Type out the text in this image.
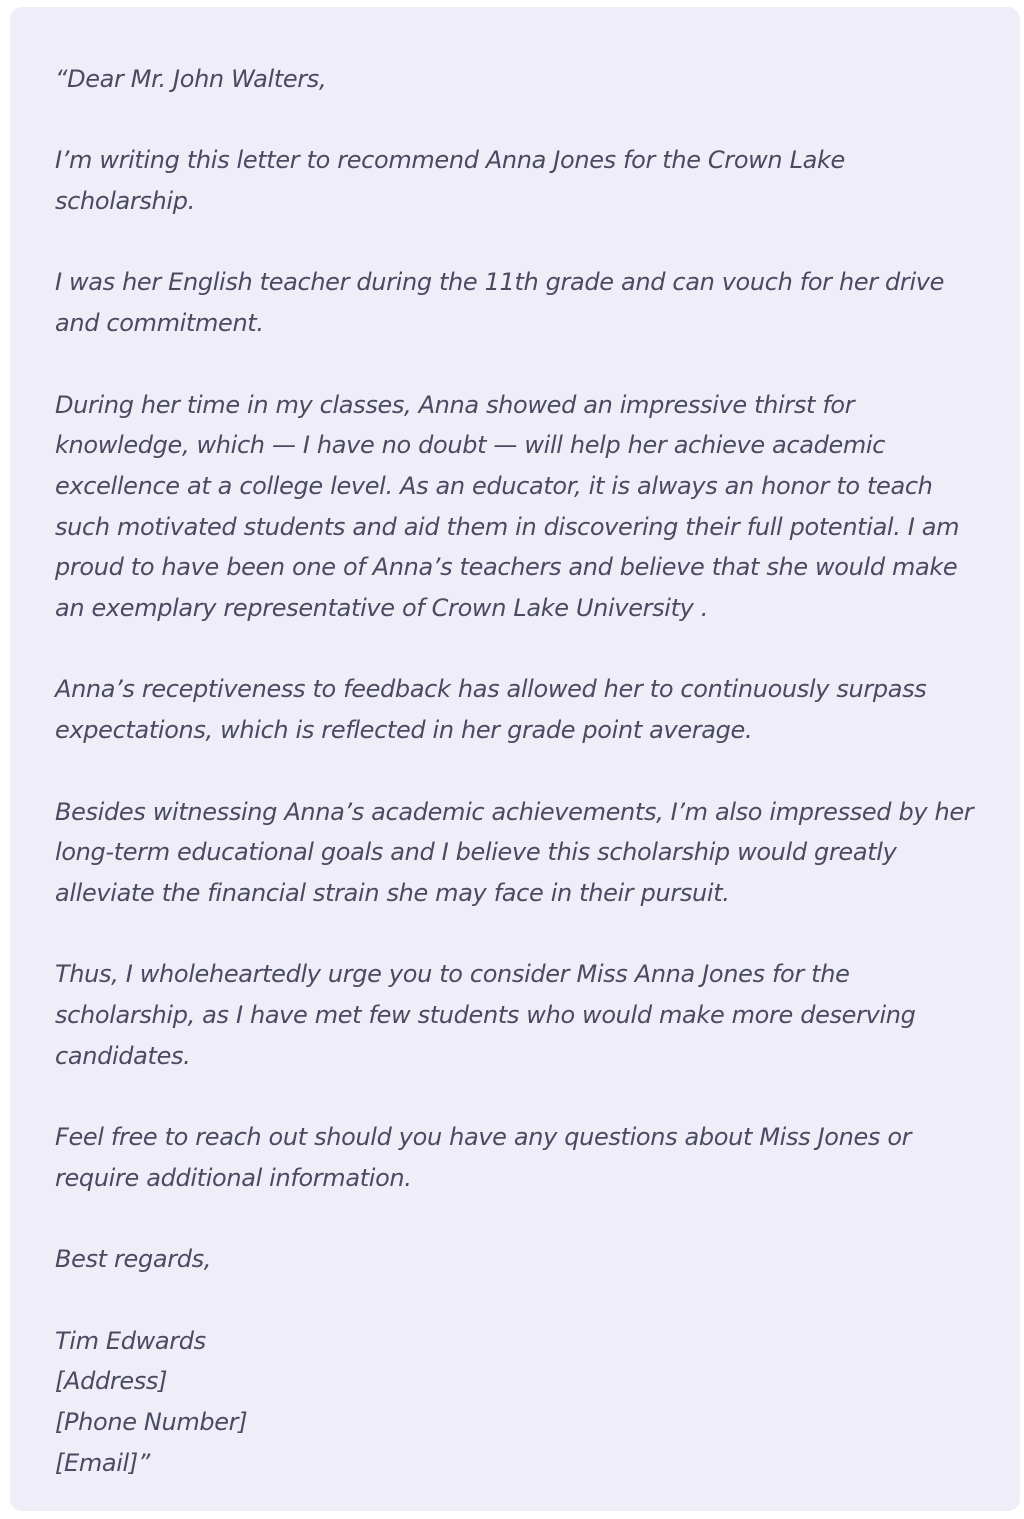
“Dear Mr. John Walters,

I’m writing this letter to recommend Anna Jones for the Crown Lake scholarship.

I was her English teacher during the 11th grade and can vouch for her drive and commitment.

During her time in my classes, Anna showed an impressive thirst for knowledge, which — I have no doubt — will help her achieve academic excellence at a college level. As an educator, it is always an honor to teach such motivated students and aid them in discovering their full potential. I am proud to have been one of Anna’s teachers and believe that she would make an exemplary representative of Crown Lake University .

Anna’s receptiveness to feedback has allowed her to continuously surpass expectations, which is reflected in her grade point average.

Besides witnessing Anna’s academic achievements, I’m also impressed by her long-term educational goals and I believe this scholarship would greatly alleviate the financial strain she may face in their pursuit.

Thus, I wholeheartedly urge you to consider Miss Anna Jones for the scholarship, as I have met few students who would make more deserving candidates.

Feel free to reach out should you have any questions about Miss Jones or require additional information.

Best regards,

Tim Edwards
[Address]
[Phone Number]
[Email]”
